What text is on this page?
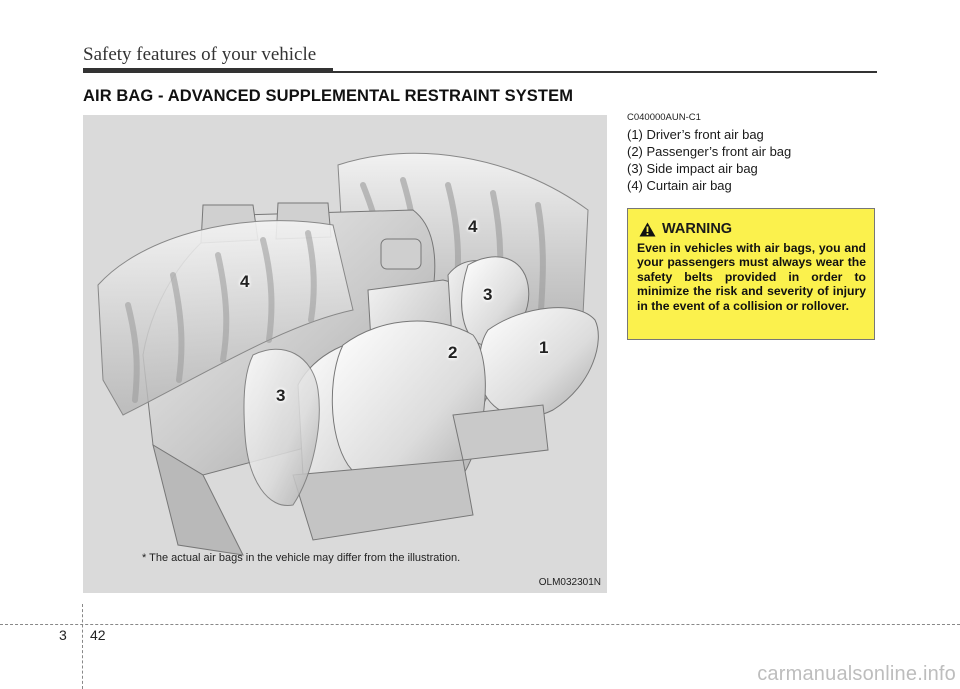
Safety features of your vehicle
AIR BAG - ADVANCED SUPPLEMENTAL RESTRAINT SYSTEM
4
4
3
3
2	1
* The actual air bags in the vehicle may differ from the illustration.
OLM032301N
C040000AUN-C1
(1) Driver’s front air bag
(2) Passenger’s front air bag
(3) Side impact air bag
(4) Curtain air bag
WARNING
Even in vehicles with air bags, you and your passengers must always wear the safety belts provided in order to minimize the risk and severity of injury in the event of a collision or rollover.
3 42
carmanualsonline.info
